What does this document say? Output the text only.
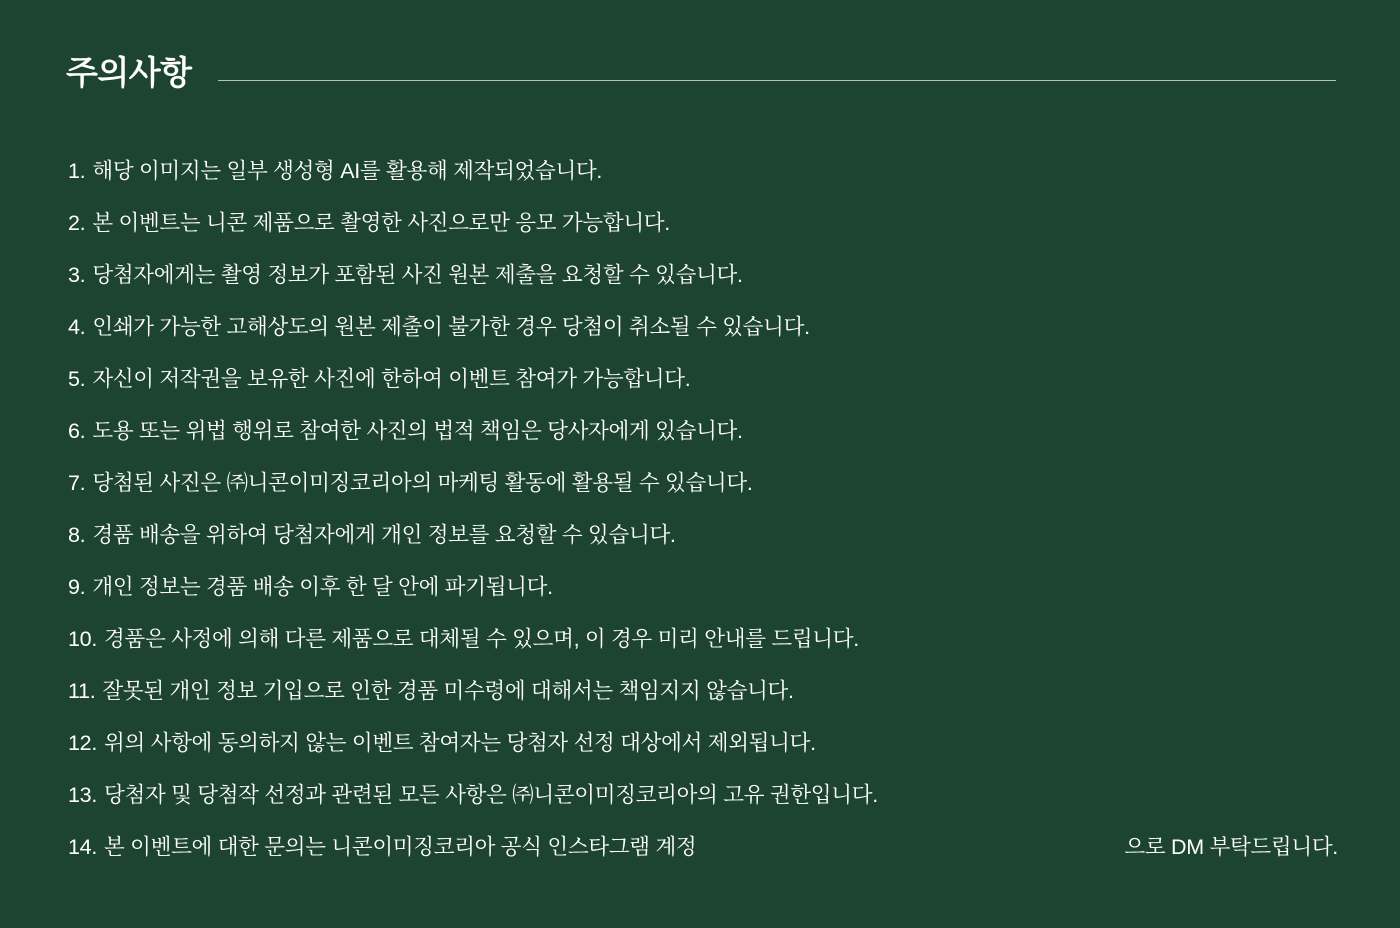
주의사항
1. 해당 이미지는 일부 생성형 AI를 활용해 제작되었습니다.
2. 본 이벤트는 니콘 제품으로 촬영한 사진으로만 응모 가능합니다.
3. 당첨자에게는 촬영 정보가 포함된 사진 원본 제출을 요청할 수 있습니다.
4. 인쇄가 가능한 고해상도의 원본 제출이 불가한 경우 당첨이 취소될 수 있습니다.
5. 자신이 저작권을 보유한 사진에 한하여 이벤트 참여가 가능합니다.
6. 도용 또는 위법 행위로 참여한 사진의 법적 책임은 당사자에게 있습니다.
7. 당첨된 사진은 ㈜니콘이미징코리아의 마케팅 활동에 활용될 수 있습니다.
8. 경품 배송을 위하여 당첨자에게 개인 정보를 요청할 수 있습니다.
9. 개인 정보는 경품 배송 이후 한 달 안에 파기됩니다.
10. 경품은 사정에 의해 다른 제품으로 대체될 수 있으며, 이 경우 미리 안내를 드립니다.
11. 잘못된 개인 정보 기입으로 인한 경품 미수령에 대해서는 책임지지 않습니다.
12. 위의 사항에 동의하지 않는 이벤트 참여자는 당첨자 선정 대상에서 제외됩니다.
13. 당첨자 및 당첨작 선정과 관련된 모든 사항은 ㈜니콘이미징코리아의 고유 권한입니다.
14. 본 이벤트에 대한 문의는 니콘이미징코리아 공식 인스타그램 계정	으로 DM 부탁드립니다.
